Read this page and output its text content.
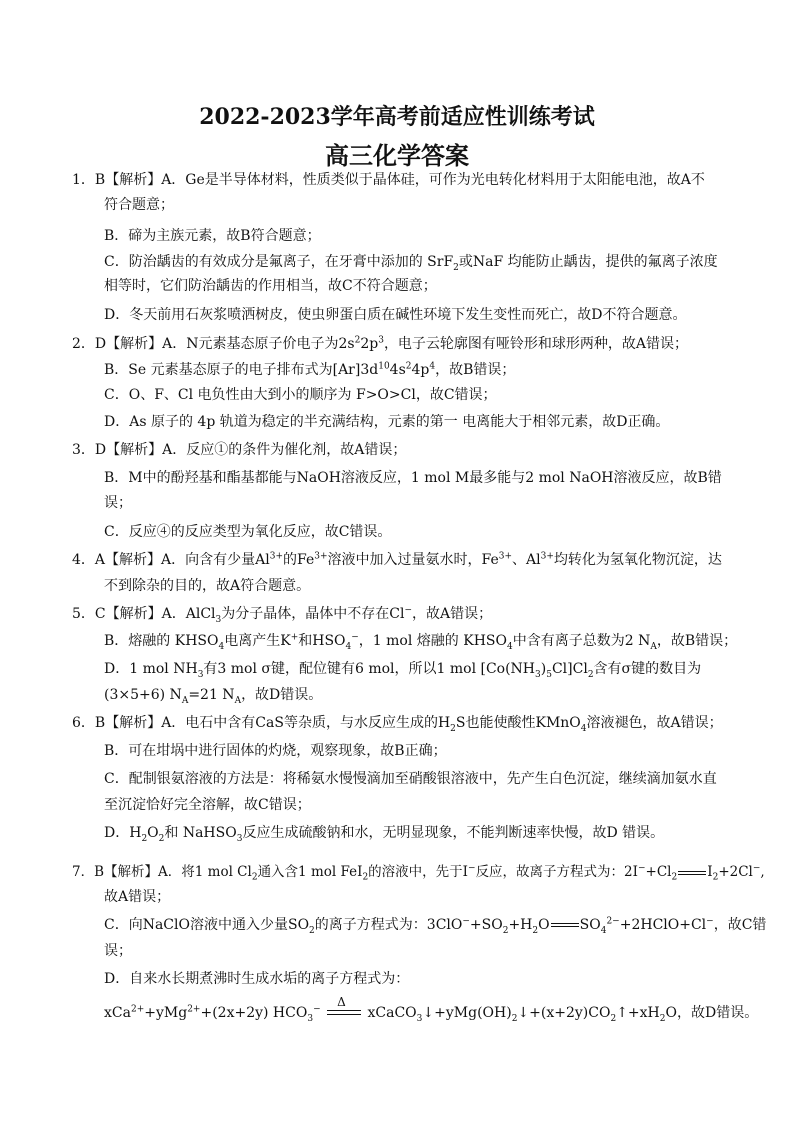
2022-2023学年高考前适应性训练考试
高三化学答案
1．B【解析】A．Ge是半导体材料，性质类似于晶体硅，可作为光电转化材料用于太阳能电池，故A不
符合题意；
B．碲为主族元素，故B符合题意；
C．防治龋齿的有效成分是氟离子，在牙膏中添加的 SrF$_2$或NaF 均能防止龋齿，提供的氟离子浓度
相等时，它们防治龋齿的作用相当，故C不符合题意；
D．冬天前用石灰浆喷洒树皮，使虫卵蛋白质在碱性环境下发生变性而死亡，故D不符合题意。
2．D【解析】A．N元素基态原子价电子为$2s^22p^3$，电子云轮廓图有哑铃形和球形两种，故A错误；
B．Se 元素基态原子的电子排布式为$[Ar]3d^{10}4s^24p^4$，故B错误；
C．O、F、Cl 电负性由大到小的顺序为 F>O>Cl，故C错误；
D．As 原子的 4p 轨道为稳定的半充满结构，元素的第一 电离能大于相邻元素，故D正确。
3．D【解析】A．反应①的条件为催化剂，故A错误；
B．M中的酚羟基和酯基都能与NaOH溶液反应，1 mol M最多能与2 mol NaOH溶液反应，故B错
误；
C．反应④的反应类型为氧化反应，故C错误。
4．A【解析】A．向含有少量$Al^{3+}$的$Fe^{3+}$溶液中加入过量氨水时，$Fe^{3+}$、$Al^{3+}$均转化为氢氧化物沉淀，达
不到除杂的目的，故A符合题意。
5．C【解析】A．AlCl$_3$为分子晶体，晶体中不存在Cl−，故A错误；
B．熔融的 $KHSO_4$电离产生K+和$HSO_4^-$，1 mol 熔融的 $KHSO_4$中含有离子总数为2 $N_A$，故B错误；
D．1 mol $NH_3$有3 mol σ键，配位键有6 mol，所以1 mol $[Co(NH_3)_5Cl]Cl_2$含有σ键的数目为
(3×5+6) $N_A=21$ $N_A$，故D错误。
6．B【解析】A．电石中含有CaS等杂质，与水反应生成的$H_2S$也能使酸性KMnO$_4$溶液褪色，故A错误；
B．可在坩埚中进行固体的灼烧，观察现象，故B正确；
C．配制银氨溶液的方法是：将稀氨水慢慢滴加至硝酸银溶液中，先产生白色沉淀，继续滴加氨水直
至沉淀恰好完全溶解，故C错误；
D．$H_2O_2$和 NaHSO$_3$反应生成硫酸钠和水，无明显现象，不能判断速率快慢，故D 错误。
7．B【解析】A．将1 mol $Cl_2$通入含1 mol FeI$_2$的溶液中，先于I−反应，故离子方程式为：$2I^-+Cl_2$ $I_2+2Cl^-$,
故A错误；
C．向NaClO溶液中通入少量$SO_2$的离子方程式为：$3ClO^-+SO_2+H_2O$ $SO_4^{2-}+2HClO+Cl^-$，故C错
误；
D．自来水长期煮沸时生成水垢的离子方程式为：
xCa$^{2+}$+yMg$^{2+}$+(2x+2y) $HCO_3^-$
Δ
$xCaCO_3↓+yMg(OH)_2↓+(x+2y)CO_2↑+xH_2O$，故D错误。
